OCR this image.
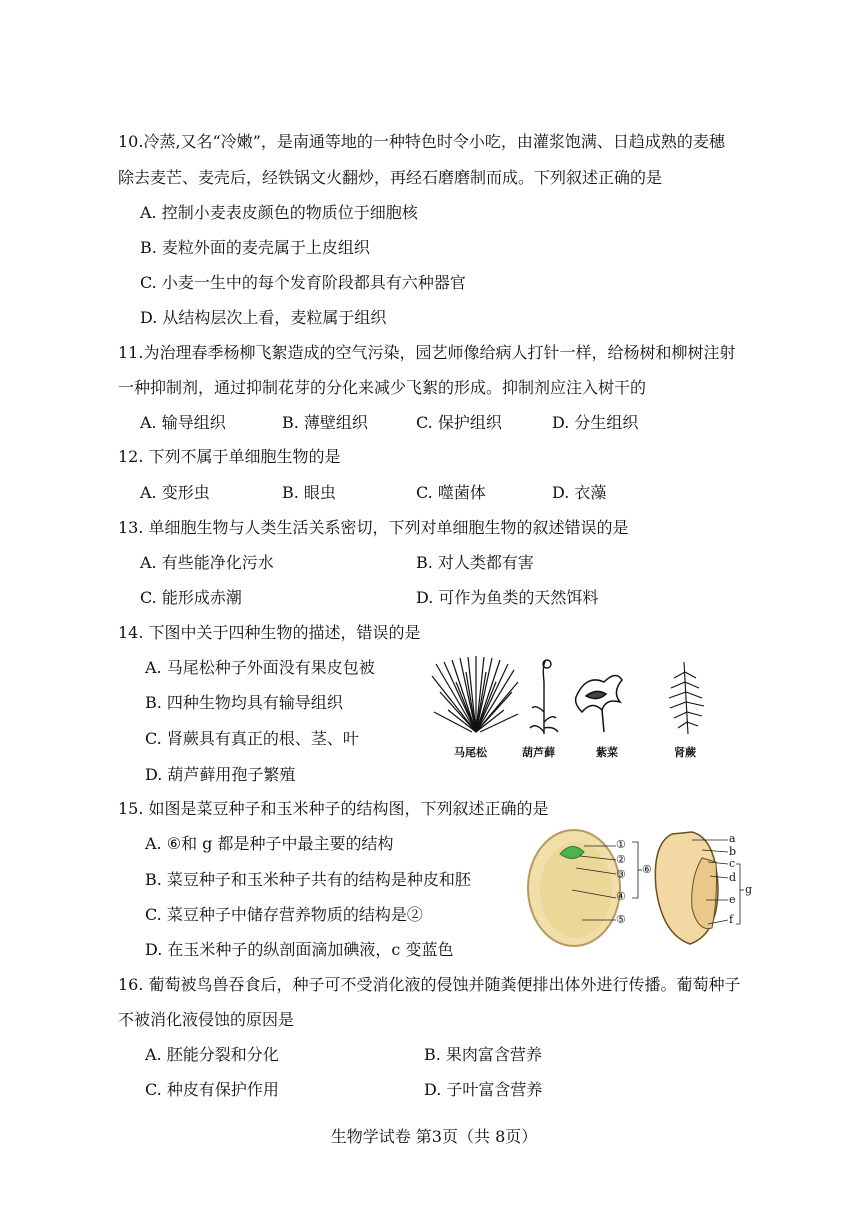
10.冷蒸,又名“冷嫩”，是南通等地的一种特色时令小吃，由灌浆饱满、日趋成熟的麦穗
除去麦芒、麦壳后，经铁锅文火翻炒，再经石磨磨制而成。下列叙述正确的是
A. 控制小麦表皮颜色的物质位于细胞核
B. 麦粒外面的麦壳属于上皮组织
C. 小麦一生中的每个发育阶段都具有六种器官
D. 从结构层次上看，麦粒属于组织
11.为治理春季杨柳飞絮造成的空气污染，园艺师像给病人打针一样，给杨树和柳树注射
一种抑制剂，通过抑制花芽的分化来减少飞絮的形成。抑制剂应注入树干的
A. 输导组织	B. 薄壁组织	C. 保护组织	D. 分生组织
12. 下列不属于单细胞生物的是
A. 变形虫	B. 眼虫	C. 噬菌体	D. 衣藻
13. 单细胞生物与人类生活关系密切，下列对单细胞生物的叙述错误的是
A. 有些能净化污水	B. 对人类都有害
C. 能形成赤潮	D. 可作为鱼类的天然饵料
14. 下图中关于四种生物的描述，错误的是
A. 马尾松种子外面没有果皮包被
B. 四种生物均具有输导组织
C. 肾蕨具有真正的根、茎、叶
D. 葫芦藓用孢子繁殖
马尾松	葫芦藓	紫菜	肾蕨
15. 如图是菜豆种子和玉米种子的结构图，下列叙述正确的是
A. ⑥和 g 都是种子中最主要的结构
B. 菜豆种子和玉米种子共有的结构是种皮和胚
C. 菜豆种子中储存营养物质的结构是②
D. 在玉米种子的纵剖面滴加碘液，c 变蓝色
①
②
③
④
⑤
⑥
a
b
c
d
e
f
g
16. 葡萄被鸟兽吞食后，种子可不受消化液的侵蚀并随粪便排出体外进行传播。葡萄种子
不被消化液侵蚀的原因是
A. 胚能分裂和分化	B. 果肉富含营养
C. 种皮有保护作用	D. 子叶富含营养
生物学试卷 第3页（共 8页）
